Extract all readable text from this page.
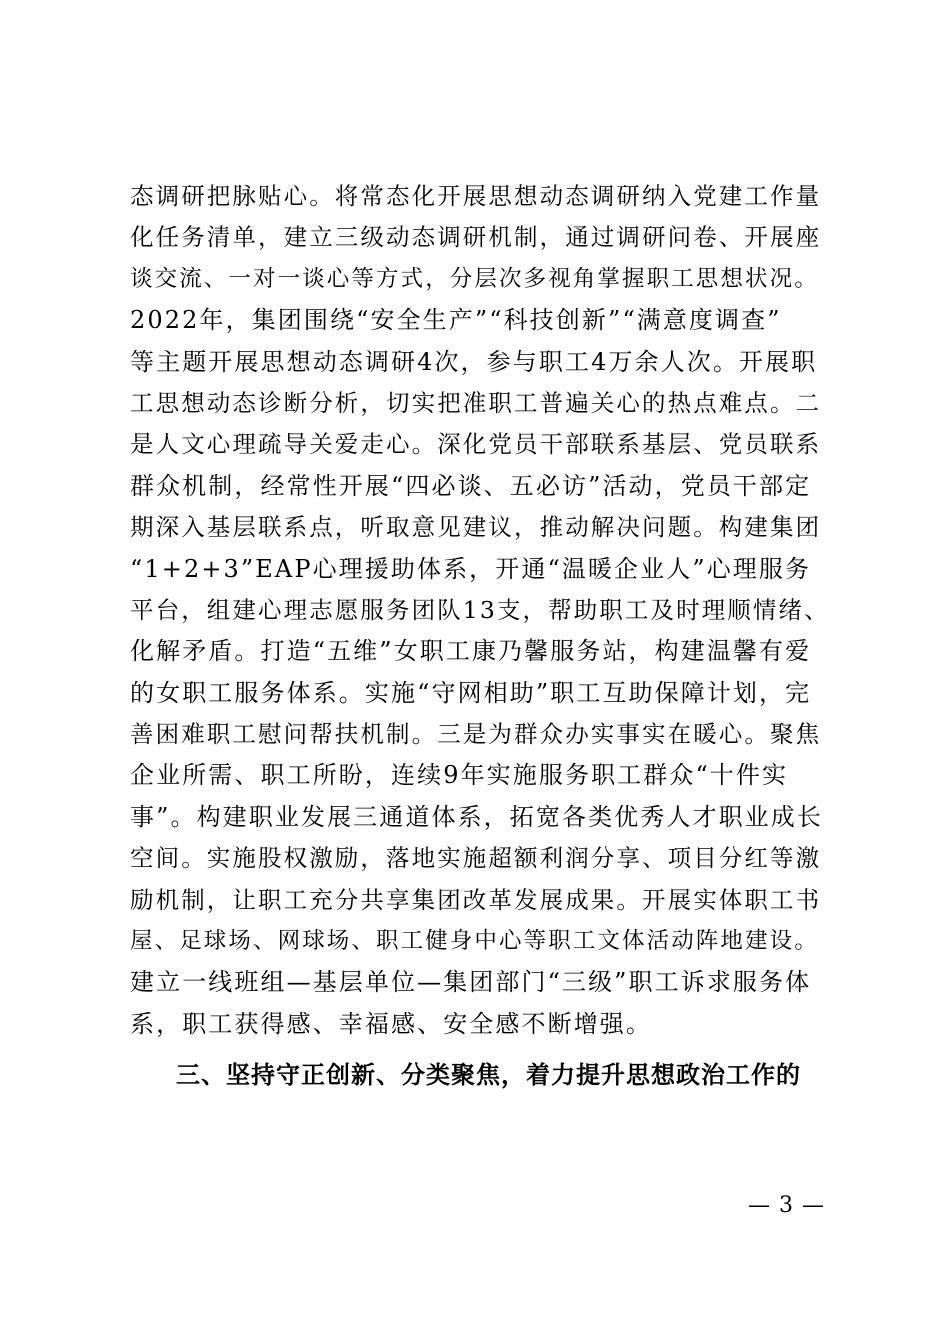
态调研把脉贴心。将常态化开展思想动态调研纳入党建工作量
化任务清单，建立三级动态调研机制，通过调研问卷、开展座
谈交流、一对一谈心等方式，分层次多视角掌握职工思想状况。
2022年，集团围绕“安全生产”“科技创新”“满意度调查”
等主题开展思想动态调研4次，参与职工4万余人次。开展职
工思想动态诊断分析，切实把准职工普遍关心的热点难点。二
是人文心理疏导关爱走心。深化党员干部联系基层、党员联系
群众机制，经常性开展“四必谈、五必访”活动，党员干部定
期深入基层联系点，听取意见建议，推动解决问题。构建集团
“1+2+3”EAP心理援助体系，开通“温暖企业人”心理服务
平台，组建心理志愿服务团队13支，帮助职工及时理顺情绪、
化解矛盾。打造“五维”女职工康乃馨服务站，构建温馨有爱
的女职工服务体系。实施“守网相助”职工互助保障计划，完
善困难职工慰问帮扶机制。三是为群众办实事实在暖心。聚焦
企业所需、职工所盼，连续9年实施服务职工群众“十件实
事”。构建职业发展三通道体系，拓宽各类优秀人才职业成长
空间。实施股权激励，落地实施超额利润分享、项目分红等激
励机制，让职工充分共享集团改革发展成果。开展实体职工书
屋、足球场、网球场、职工健身中心等职工文体活动阵地建设。
建立一线班组—基层单位—集团部门“三级”职工诉求服务体
系，职工获得感、幸福感、安全感不断增强。
三、坚持守正创新、分类聚焦，着力提升思想政治工作的
— 3 —
